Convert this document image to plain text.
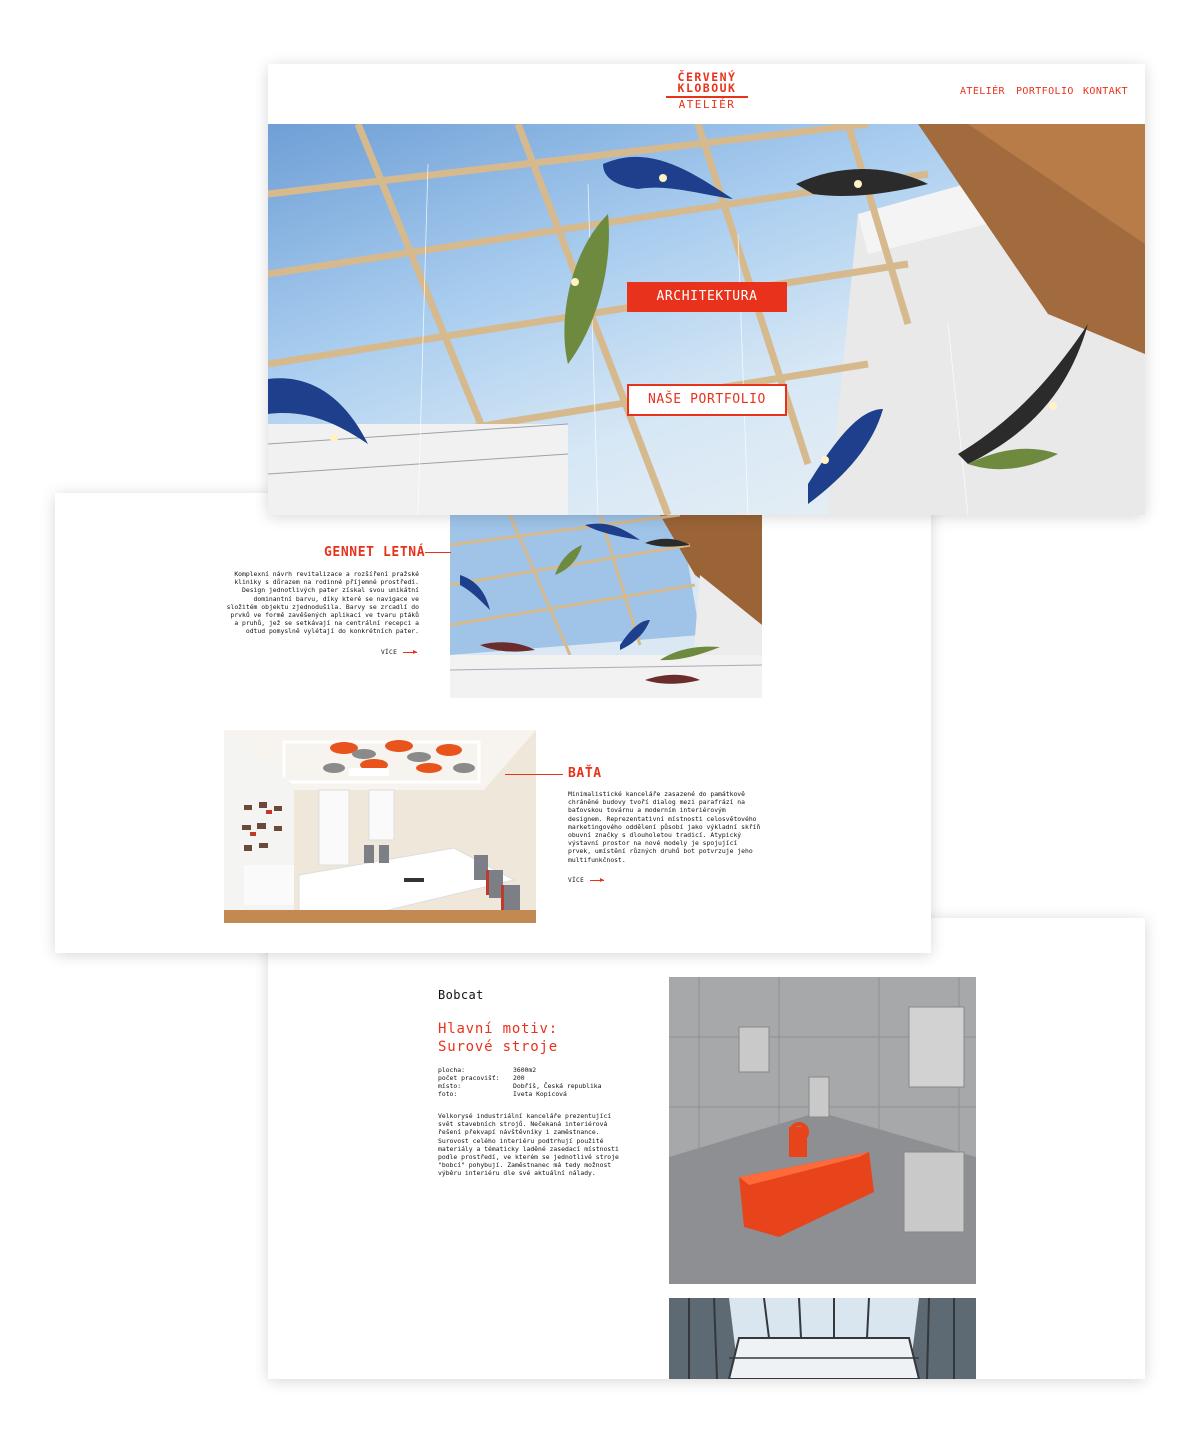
ČERVENÝ
KLOBOUK
ATELIÉR
ATELIÉR PORTFOLIO KONTAKT
ARCHITEKTURA
NAŠE PORTFOLIO
GENNET LETNÁ
Komplexní návrh revitalizace a rozšíření pražské kliniky s důrazem na rodinné příjemné prostředí. Design jednotlivých pater získal svou unikátní dominantní barvu, díky které se navigace ve složitém objektu zjednodušila. Barvy se zrcadlí do prvků ve formě zavěšených aplikací ve tvaru ptáků a pruhů, jež se setkávají na centrální recepci a odtud pomyslně vylétají do konkrétních pater.
VÍCE
BAŤA
Minimalistické kanceláře zasazené do památkově chráněné budovy tvoří dialog mezi parafrází na baťovskou továrnu a moderním interiérovým designem. Reprezentativní místnosti celosvětového marketingového oddělení působí jako výkladní skříň obuvní značky s dlouholetou tradicí. Atypický výstavní prostor na nové modely je spojující prvek, umístění různých druhů bot potvrzuje jeho multifunkčnost.
VÍCE
Bobcat
Hlavní motiv:
Surové stroje
plocha:	3600m2
počet pracovišť: 200
místo:	Dobříš, Česká republika
foto:	Iveta Kopicová
Velkorysé industriální kanceláře prezentující svět stavebních strojů. Nečekaná interiérová řešení překvapí návštěvníky i zaměstnance. Surovost celého interiéru podtrhují použité materiály a tématicky laděné zasedací místnosti podle prostředí, ve kterém se jednotlivé stroje "bobcí" pohybují. Zaměstnanec má tedy možnost výběru interiéru dle své aktuální nálady.
